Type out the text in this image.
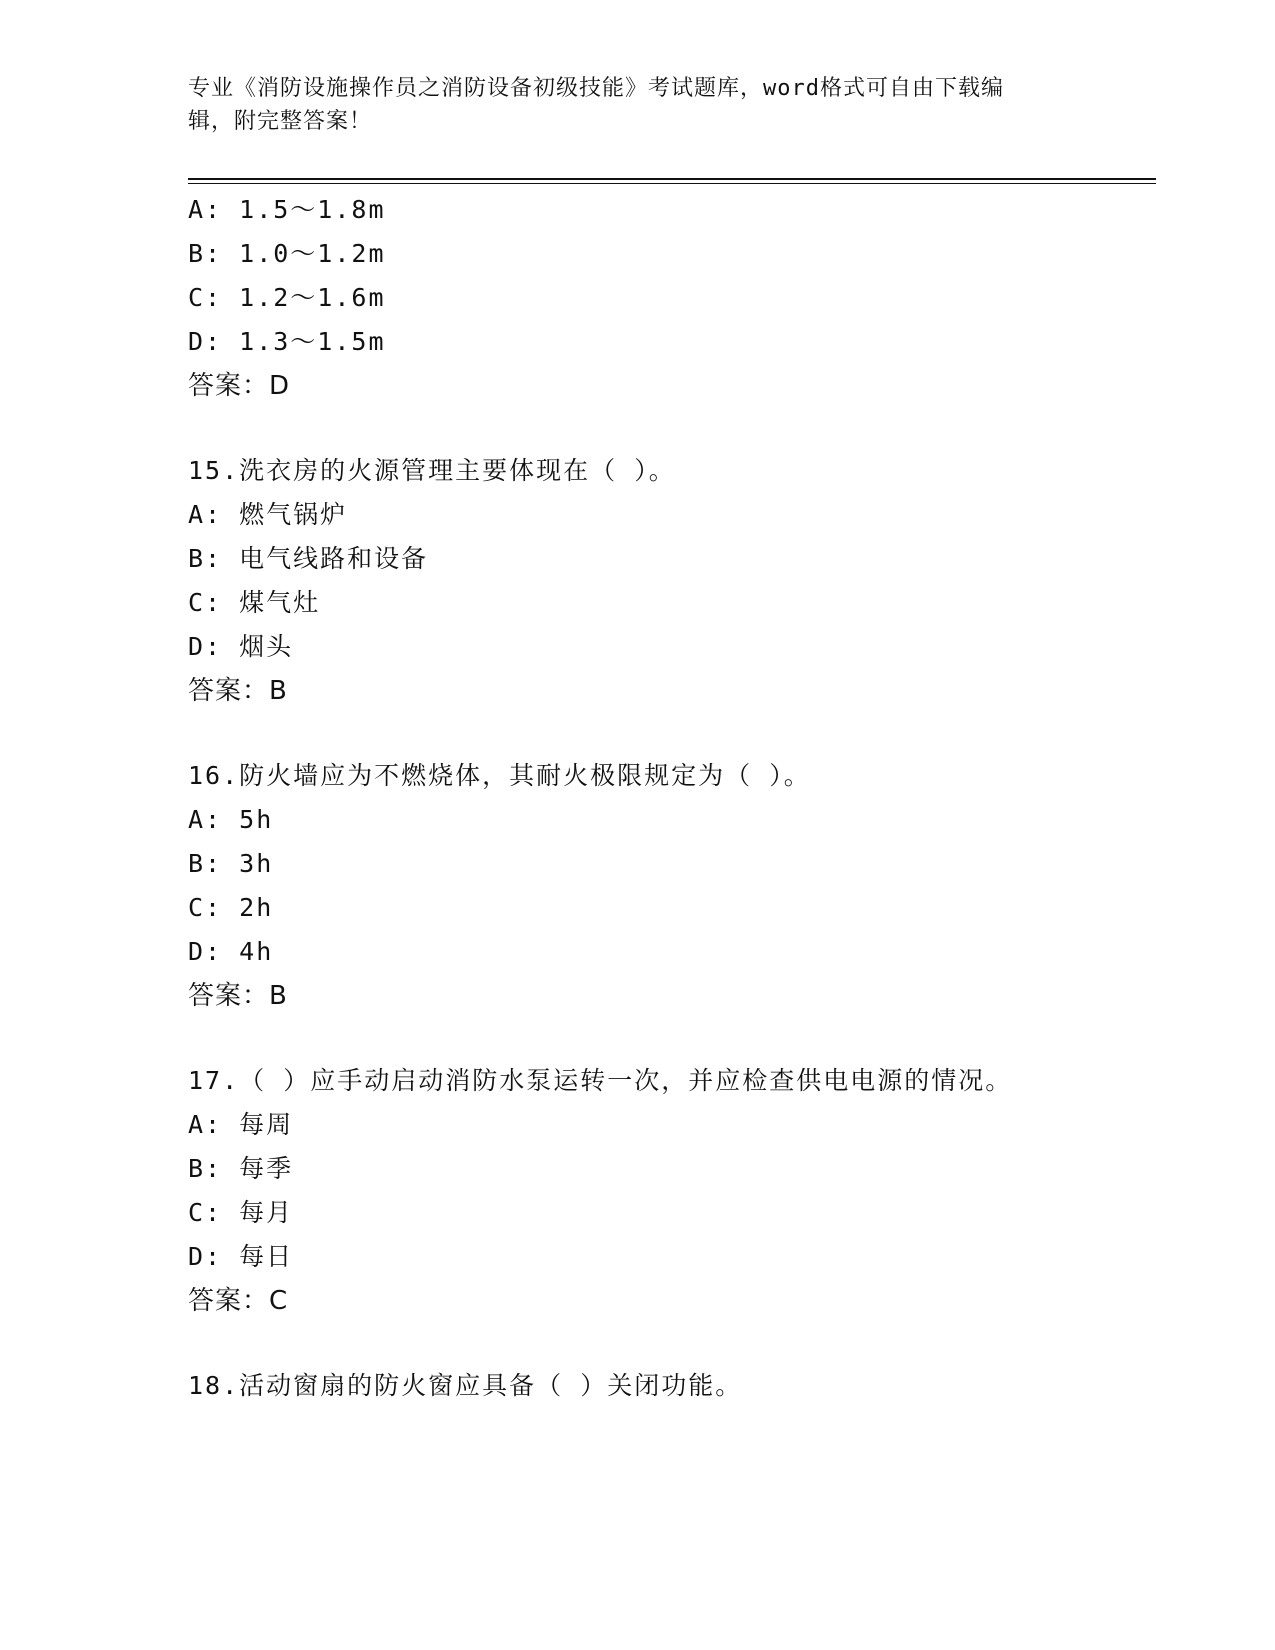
专业《消防设施操作员之消防设备初级技能》考试题库，word格式可自由下载编
辑，附完整答案！
A: 1.5～1.8m
B: 1.0～1.2m
C: 1.2～1.6m
D: 1.3～1.5m
答案：D
15.洗衣房的火源管理主要体现在（ ）。
A: 燃气锅炉
B: 电气线路和设备
C: 煤气灶
D: 烟头
答案：B
16.防火墙应为不燃烧体，其耐火极限规定为（ ）。
A: 5h
B: 3h
C: 2h
D: 4h
答案：B
17.（ ）应手动启动消防水泵运转一次，并应检查供电电源的情况。
A: 每周
B: 每季
C: 每月
D: 每日
答案：C
18.活动窗扇的防火窗应具备（ ）关闭功能。
